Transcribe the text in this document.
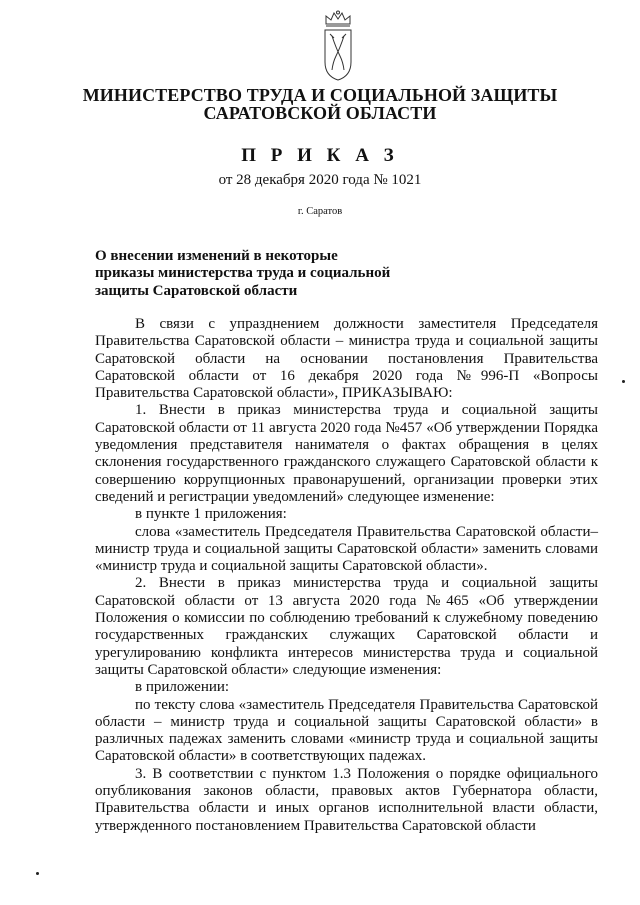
МИНИСТЕРСТВО ТРУДА И СОЦИАЛЬНОЙ ЗАЩИТЫ
САРАТОВСКОЙ ОБЛАСТИ
П Р И К А З
от 28 декабря 2020 года № 1021
г. Саратов
О внесении изменений в некоторые
приказы министерства труда и социальной
защиты Саратовской области

В связи с упразднением должности заместителя Председателя Правительства Саратовской области – министра труда и социальной защиты Саратовской области на основании постановления Правительства Саратовской области от 16 декабря 2020 года №996-П «Вопросы Правительства Саратовской области», ПРИКАЗЫВАЮ:

1. Внести в приказ министерства труда и социальной защиты Саратовской области от 11 августа 2020 года №457 «Об утверждении Порядка уведомления представителя нанимателя о фактах обращения в целях склонения государственного гражданского служащего Саратовской области к совершению коррупционных правонарушений, организации проверки этих сведений и регистрации уведомлений» следующее изменение:

в пункте 1 приложения:

слова «заместитель Председателя Правительства Саратовской области– министр труда и социальной защиты Саратовской области» заменить словами «министр труда и социальной защиты Саратовской области».

2. Внести в приказ министерства труда и социальной защиты Саратовской области от 13 августа 2020 года №465 «Об утверждении Положения о комиссии по соблюдению требований к служебному поведению государственных гражданских служащих Саратовской области и урегулированию конфликта интересов министерства труда и социальной защиты Саратовской области» следующие изменения:

в приложении:

по тексту слова «заместитель Председателя Правительства Саратовской области – министр труда и социальной защиты Саратовской области» в различных падежах заменить словами «министр труда и социальной защиты Саратовской области» в соответствующих падежах.

3. В соответствии с пунктом 1.3 Положения о порядке официального опубликования законов области, правовых актов Губернатора области, Правительства области и иных органов исполнительной власти области, утвержденного постановлением Правительства Саратовской области
